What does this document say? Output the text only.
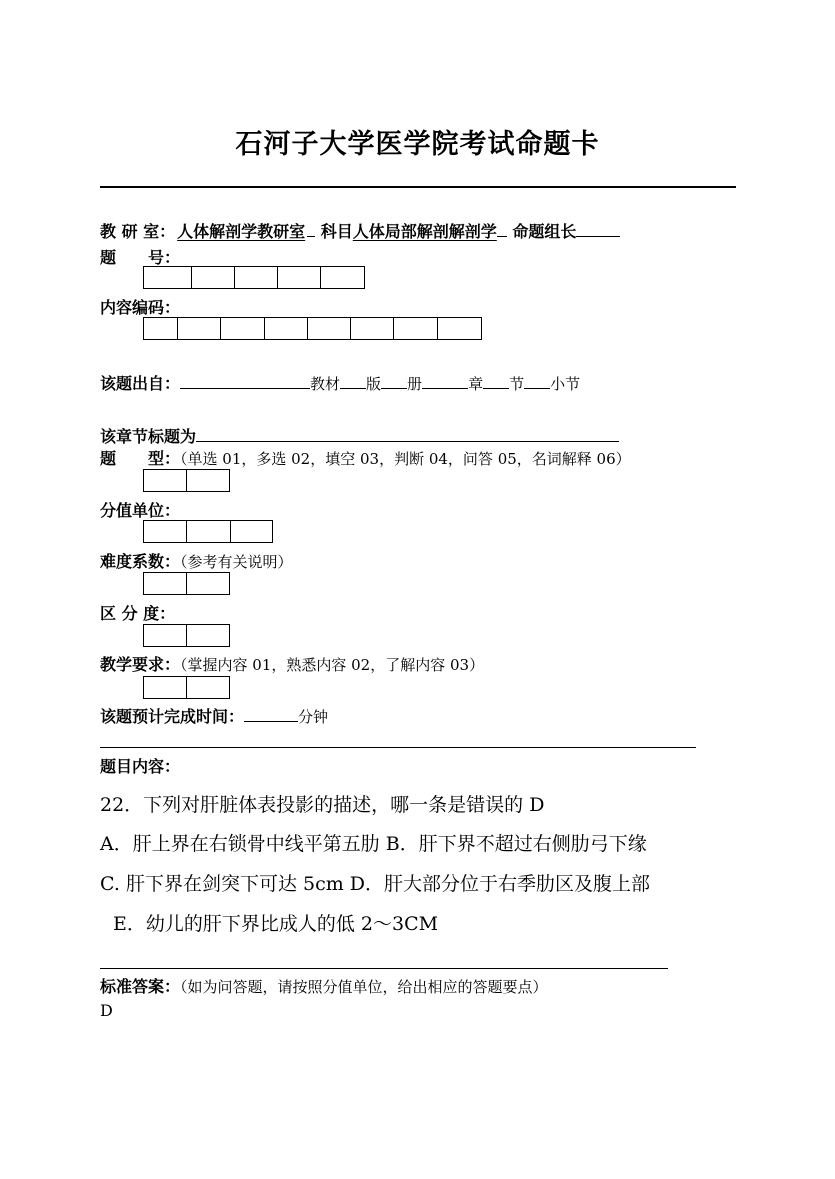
石河子大学医学院考试命题卡
教 研 室： 人体解剖学教研室 科目人体局部解剖解剖学 命题组长
题　　号：
内容编码：
该题出自：	教材 版 册	章 节 小节
该章节标题为
题　　型：（单选 01，多选 02，填空 03，判断 04，问答 05，名词解释 06）
分值单位：
难度系数：（参考有关说明）
区 分 度：
教学要求：（掌握内容 01，熟悉内容 02，了解内容 03）
该题预计完成时间：	分钟
题目内容：
22．下列对肝脏体表投影的描述，哪一条是错误的 D
A．肝上界在右锁骨中线平第五肋 B．肝下界不超过右侧肋弓下缘
C. 肝下界在剑突下可达 5cm D．肝大部分位于右季肋区及腹上部
E．幼儿的肝下界比成人的低 2～3CM
标准答案：（如为问答题，请按照分值单位，给出相应的答题要点）
D
